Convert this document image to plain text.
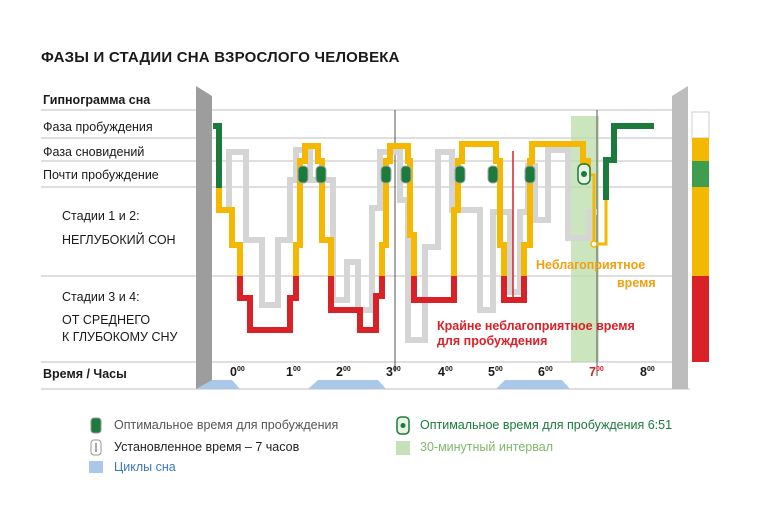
ФАЗЫ И СТАДИИ СНА ВЗРОСЛОГО ЧЕЛОВЕКА
Гипнограмма сна
Фаза пробуждения
Фаза сновидений
Почти пробуждение
Стадии 1 и 2:
НЕГЛУБОКИЙ СОН
Стадии 3 и 4:
ОТ СРЕДНЕГО
К ГЛУБОКОМУ СНУ
Время / Часы	$0^{00}$	$1^{00}$	$2^{00}$	$3^{00}$	$4^{00}$	$5^{00}$	$6^{00}$	$7^{00}$	$8^{00}$
Неблагоприятное
время
Крайне неблагоприятное время
для пробуждения
Оптимальное время для пробуждения
Установленное время – 7 часов
Циклы сна
Оптимальное время для пробуждения 6:51
30-минутный интервал
